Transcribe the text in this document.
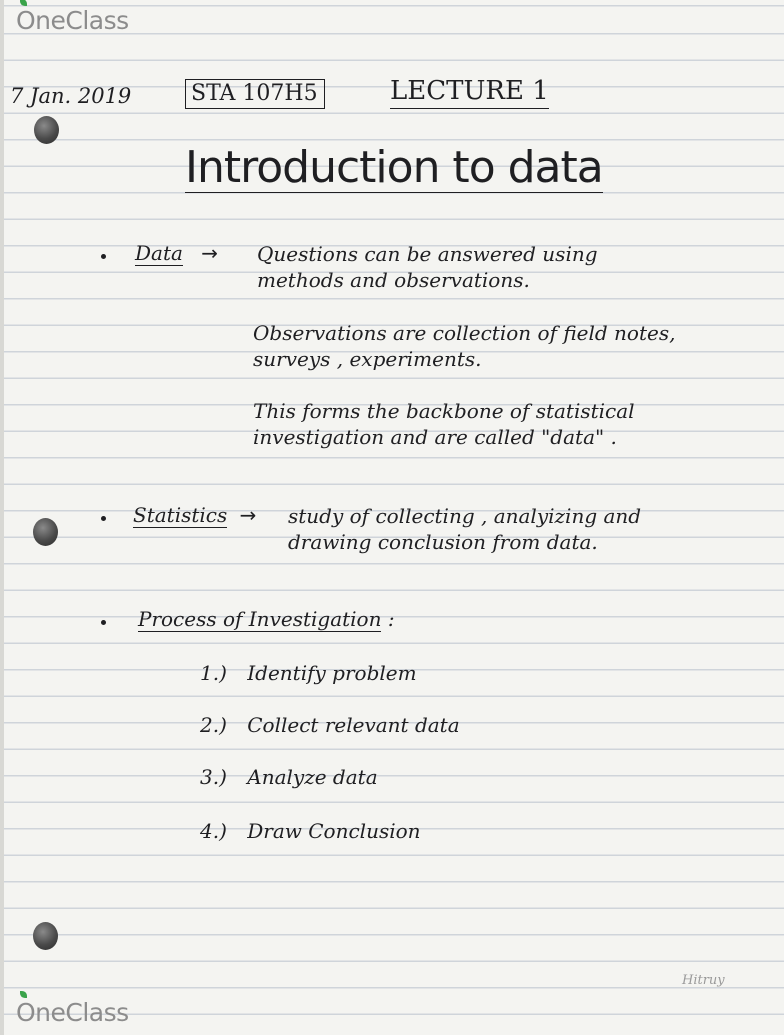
OneClass
7 Jan. 2019	STA 107H5	LECTURE 1
Introduction to data
Data → Questions can be answered using
methods and observations.
Observations are collection of field notes,
surveys , experiments.
This forms the backbone of statistical
investigation and are called "data" .
Statistics → study of collecting , analyizing and
drawing conclusion from data.
Process of Investigation :
1.) Identify problem
2.) Collect relevant data
3.) Analyze data
4.) Draw Conclusion
Hitruy
OneClass
